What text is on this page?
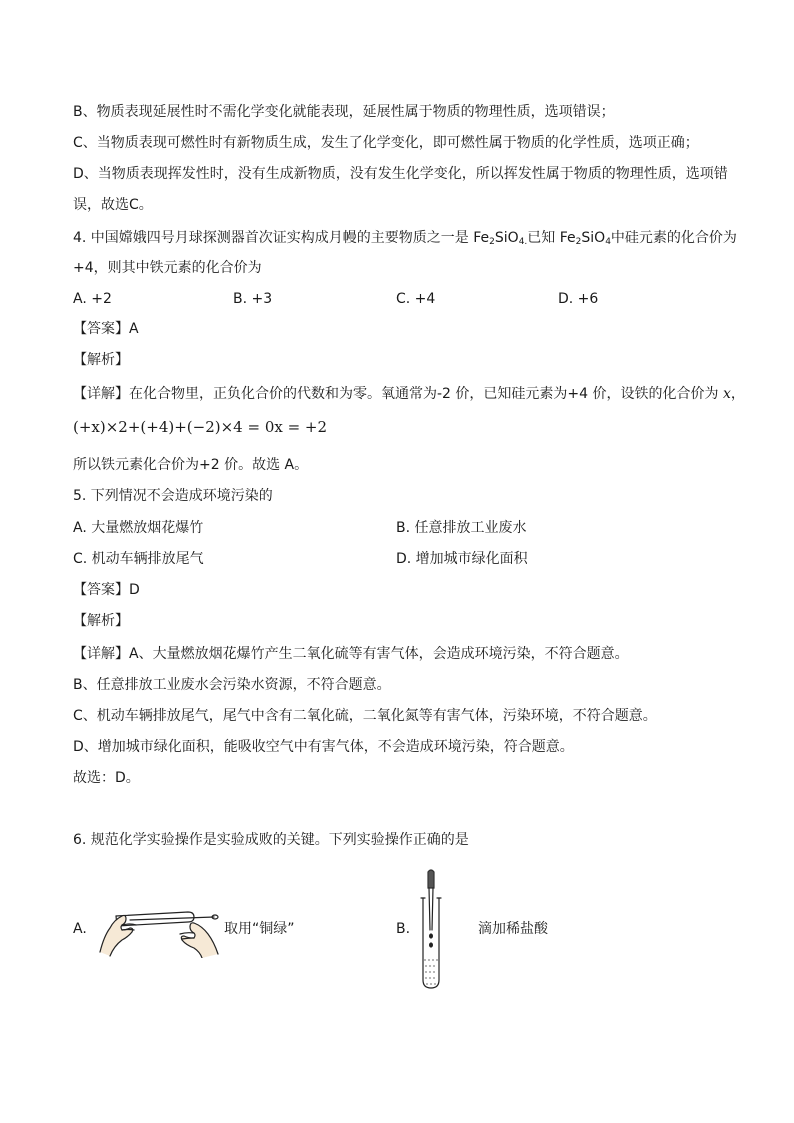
B、物质表现延展性时不需化学变化就能表现，延展性属于物质的物理性质，选项错误；
C、当物质表现可燃性时有新物质生成，发生了化学变化，即可燃性属于物质的化学性质，选项正确；
D、当物质表现挥发性时，没有生成新物质，没有发生化学变化，所以挥发性属于物质的物理性质，选项错
误，故选C。
4. 中国嫦娥四号月球探测器首次证实构成月幔的主要物质之一是 $Fe_2SiO_{4.}$已知 $Fe_2SiO_4$中硅元素的化合价为
+4，则其中铁元素的化合价为
A. +2	B. +3	C. +4	D. +6
【答案】A
【解析】
【详解】在化合物里，正负化合价的代数和为零。氧通常为-2 价，已知硅元素为+4 价，设铁的化合价为 x，
(+x)×2+(+4)+(−2)×4 = 0x = +2
所以铁元素化合价为+2 价。故选 A。
5. 下列情况不会造成环境污染的
A. 大量燃放烟花爆竹	B. 任意排放工业废水
C. 机动车辆排放尾气	D. 增加城市绿化面积
【答案】D
【解析】
【详解】A、大量燃放烟花爆竹产生二氧化硫等有害气体，会造成环境污染，不符合题意。
B、任意排放工业废水会污染水资源，不符合题意。
C、机动车辆排放尾气，尾气中含有二氧化硫，二氧化氮等有害气体，污染环境，不符合题意。
D、增加城市绿化面积，能吸收空气中有害气体，不会造成环境污染，符合题意。
故选：D。
6. 规范化学实验操作是实验成败的关键。下列实验操作正确的是
A.	取用“铜绿”	B.	滴加稀盐酸
